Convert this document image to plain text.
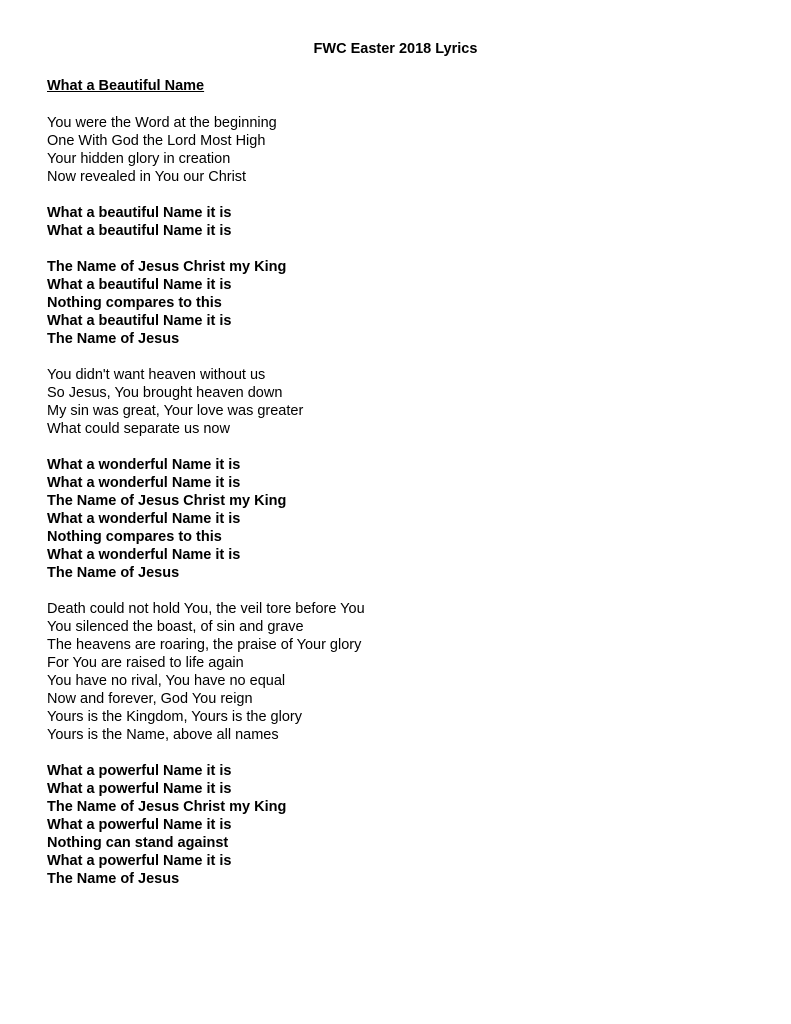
FWC Easter 2018 Lyrics
What a Beautiful Name
You were the Word at the beginning
One With God the Lord Most High
Your hidden glory in creation
Now revealed in You our Christ
What a beautiful Name it is
What a beautiful Name it is
The Name of Jesus Christ my King
What a beautiful Name it is
Nothing compares to this
What a beautiful Name it is
The Name of Jesus
You didn't want heaven without us
So Jesus, You brought heaven down
My sin was great, Your love was greater
What could separate us now
What a wonderful Name it is
What a wonderful Name it is
The Name of Jesus Christ my King
What a wonderful Name it is
Nothing compares to this
What a wonderful Name it is
The Name of Jesus
Death could not hold You, the veil tore before You
You silenced the boast, of sin and grave
The heavens are roaring, the praise of Your glory
For You are raised to life again
You have no rival, You have no equal
Now and forever, God You reign
Yours is the Kingdom, Yours is the glory
Yours is the Name, above all names
What a powerful Name it is
What a powerful Name it is
The Name of Jesus Christ my King
What a powerful Name it is
Nothing can stand against
What a powerful Name it is
The Name of Jesus
